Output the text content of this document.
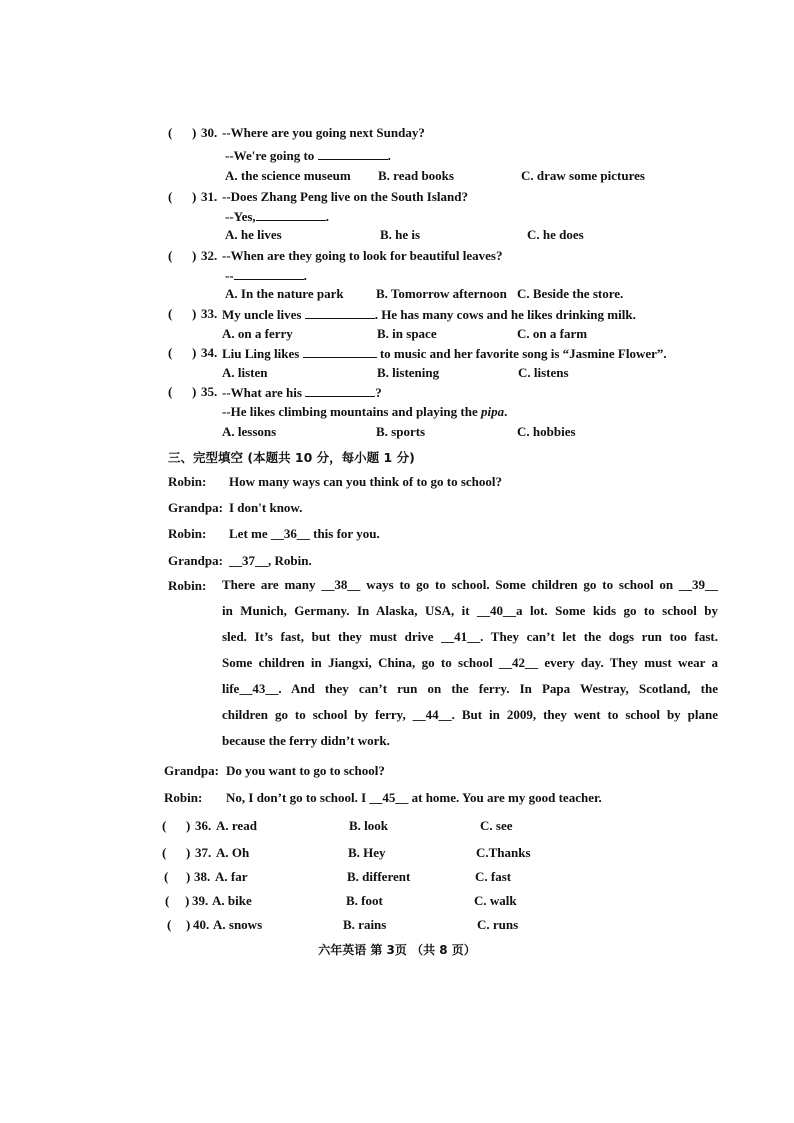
( ) 30. --Where are you going next Sunday?
--We're going to	.
A. the science museum B. read books	C. draw some pictures
( ) 31. --Does Zhang Peng live on the South Island?
--Yes,	.
A. he lives	B. he is	C. he does
( ) 32. --When are they going to look for beautiful leaves?
--	.
A. In the nature park B. Tomorrow afternoon C. Beside the store.
( ) 33. My uncle lives	. He has many cows and he likes drinking milk.
A. on a ferry	B. in space	C. on a farm
( ) 34. Liu Ling likes	to music and her favorite song is “Jasmine Flower”.
A. listen	B. listening	C. listens
( ) 35. --What are his	?
--He likes climbing mountains and playing the pipa.
A. lessons	B. sports	C. hobbies
三、完型填空 (本题共 10 分，每小题 1 分)
Robin: How many ways can you think of to go to school?
Grandpa: I don't know.
Robin: Let me __36__ this for you.
Grandpa: __37__, Robin.
Robin: There are many __38__ ways to go to school. Some children go to school on __39__
in Munich, Germany. In Alaska, USA, it __40__a lot. Some kids go to school by
sled. It’s fast, but they must drive __41__. They can’t let the dogs run too fast.
Some children in Jiangxi, China, go to school __42__ every day. They must wear a
life__43__. And they can’t run on the ferry. In Papa Westray, Scotland, the
children go to school by ferry, __44__. But in 2009, they went to school by plane
because the ferry didn’t work.
Grandpa: Do you want to go to school?
Robin: No, I don’t go to school. I __45__ at home. You are my good teacher.
( ) 36. A. read	B. look	C. see
( ) 37. A. Oh	B. Hey	C.Thanks
( ) 38. A. far	B. different	C. fast
( ) 39. A. bike	B. foot	C. walk
( ) 40. A. snows	B. rains	C. runs
六年英语 第 3页 （共 8 页）
